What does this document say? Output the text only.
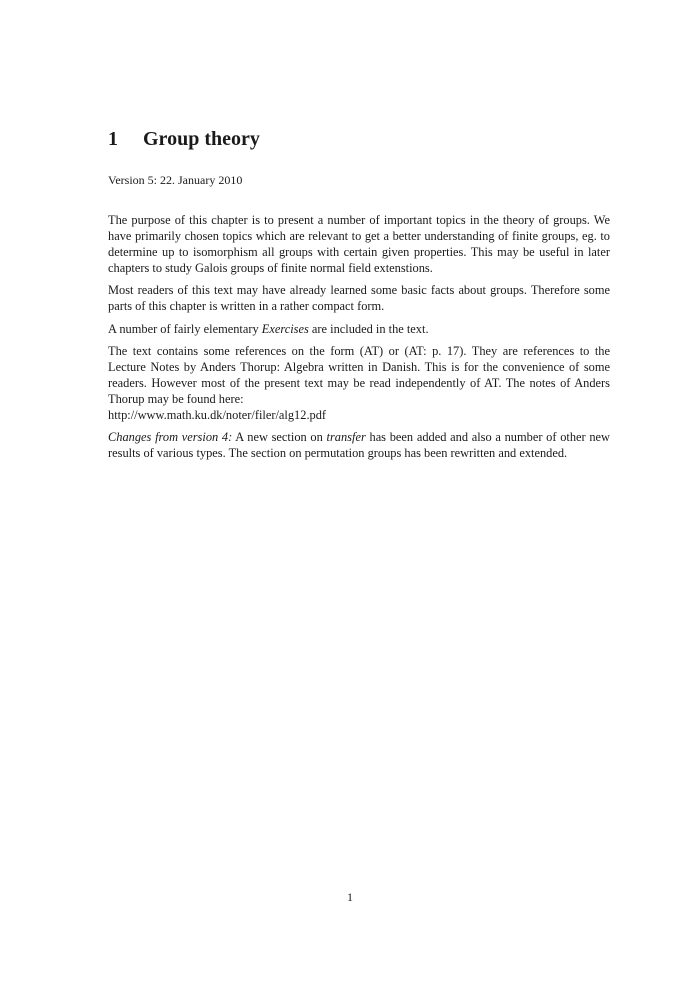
1	Group theory
Version 5: 22. January 2010

The purpose of this chapter is to present a number of important topics in the theory of groups. We have primarily chosen topics which are relevant to get a better understanding of finite groups, eg. to determine up to isomorphism all groups with certain given properties. This may be useful in later chapters to study Galois groups of finite normal field extenstions.

Most readers of this text may have already learned some basic facts about groups. Therefore some parts of this chapter is written in a rather compact form.

A number of fairly elementary Exercises are included in the text.

The text contains some references on the form (AT) or (AT: p. 17). They are references to the Lecture Notes by Anders Thorup: Algebra written in Danish. This is for the convenience of some readers. However most of the present text may be read independently of AT. The notes of Anders Thorup may be found here:
http://www.math.ku.dk/noter/filer/alg12.pdf

Changes from version 4: A new section on transfer has been added and also a number of other new results of various types. The section on permutation groups has been rewritten and extended.

1
